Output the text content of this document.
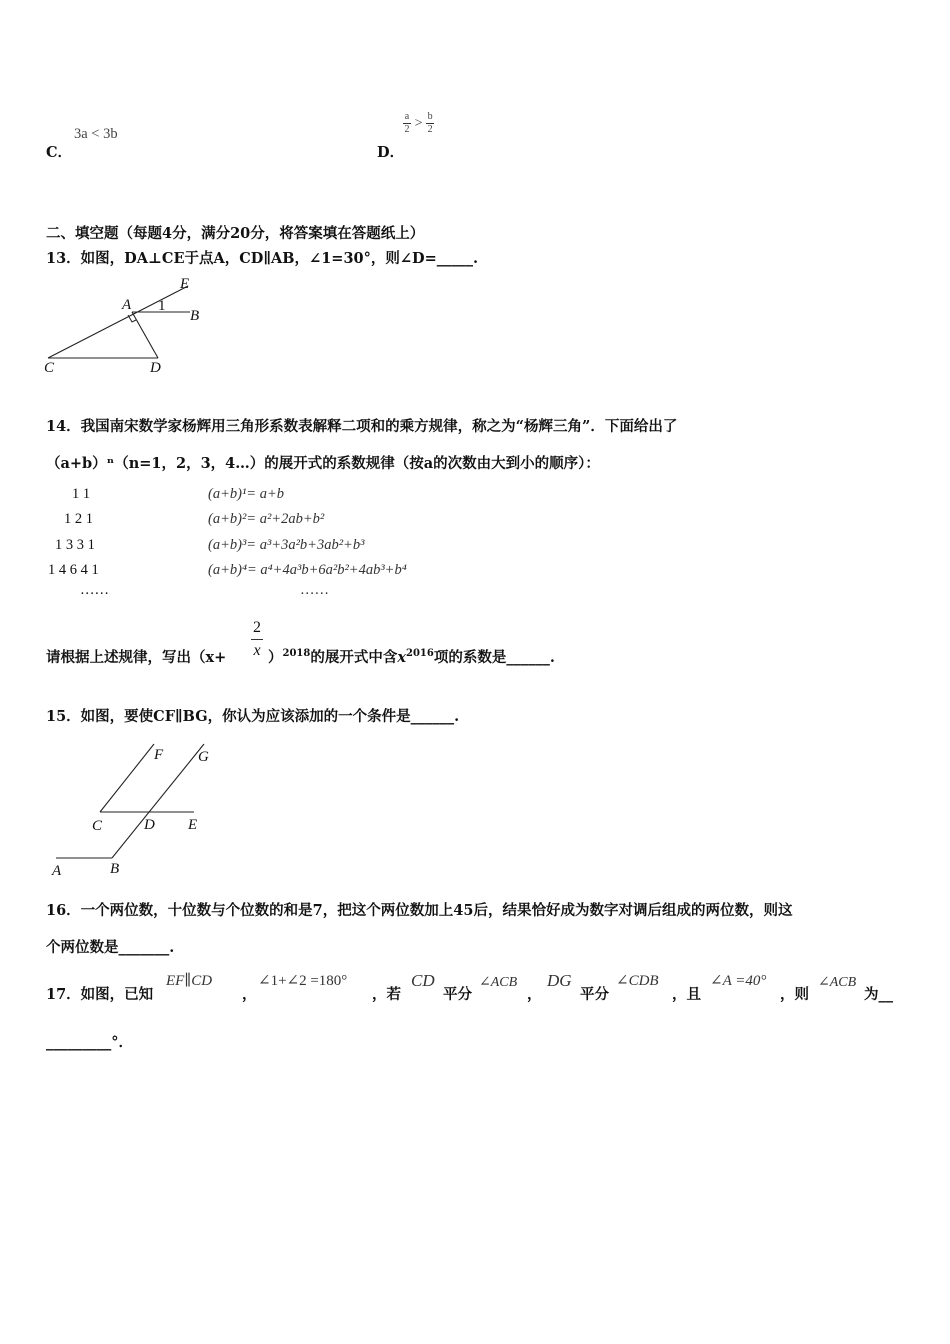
C．
3a < 3b
D．
$\frac{a}{2} > \frac{b}{2}$
二、填空题（每题4分，满分20分，将答案填在答题纸上）
13．如图，DA⊥CE于点A，CD∥AB，∠1=30°，则∠D=_____.
E
A 1
B
C	D
14．我国南宋数学家杨辉用三角形系数表解释二项和的乘方规律，称之为“杨辉三角”．下面给出了
（a+b）ⁿ（n=1，2，3，4…）的展开式的系数规律（按a的次数由大到小的顺序）：
1 1
1 2 1
1 3 3 1
1 4 6 4 1
……
(a+b)¹= a+b
(a+b)²= a²+2ab+b²
(a+b)³= a³+3a²b+3ab²+b³
(a+b)⁴= a⁴+4a³b+6a²b²+4ab³+b⁴
……
请根据上述规律，写出（x+
2
x ）$^{2018}$的展开式中含$x^{2016}$项的系数是______.
15．如图，要使CF∥BG，你认为应该添加的一个条件是______.
F G
C	D E
A	B
16．一个两位数，十位数与个位数的和是7，把这个两位数加上45后，结果恰好成为数字对调后组成的两位数，则这
个两位数是_______.
17．如图，已知
EF∥CD
，
∠1+∠2 =180°
，若
CD
平分
∠ACB
，
DG
平分
∠CDB
，且
∠A =40°
，则
∠ACB
为__
_________°．
